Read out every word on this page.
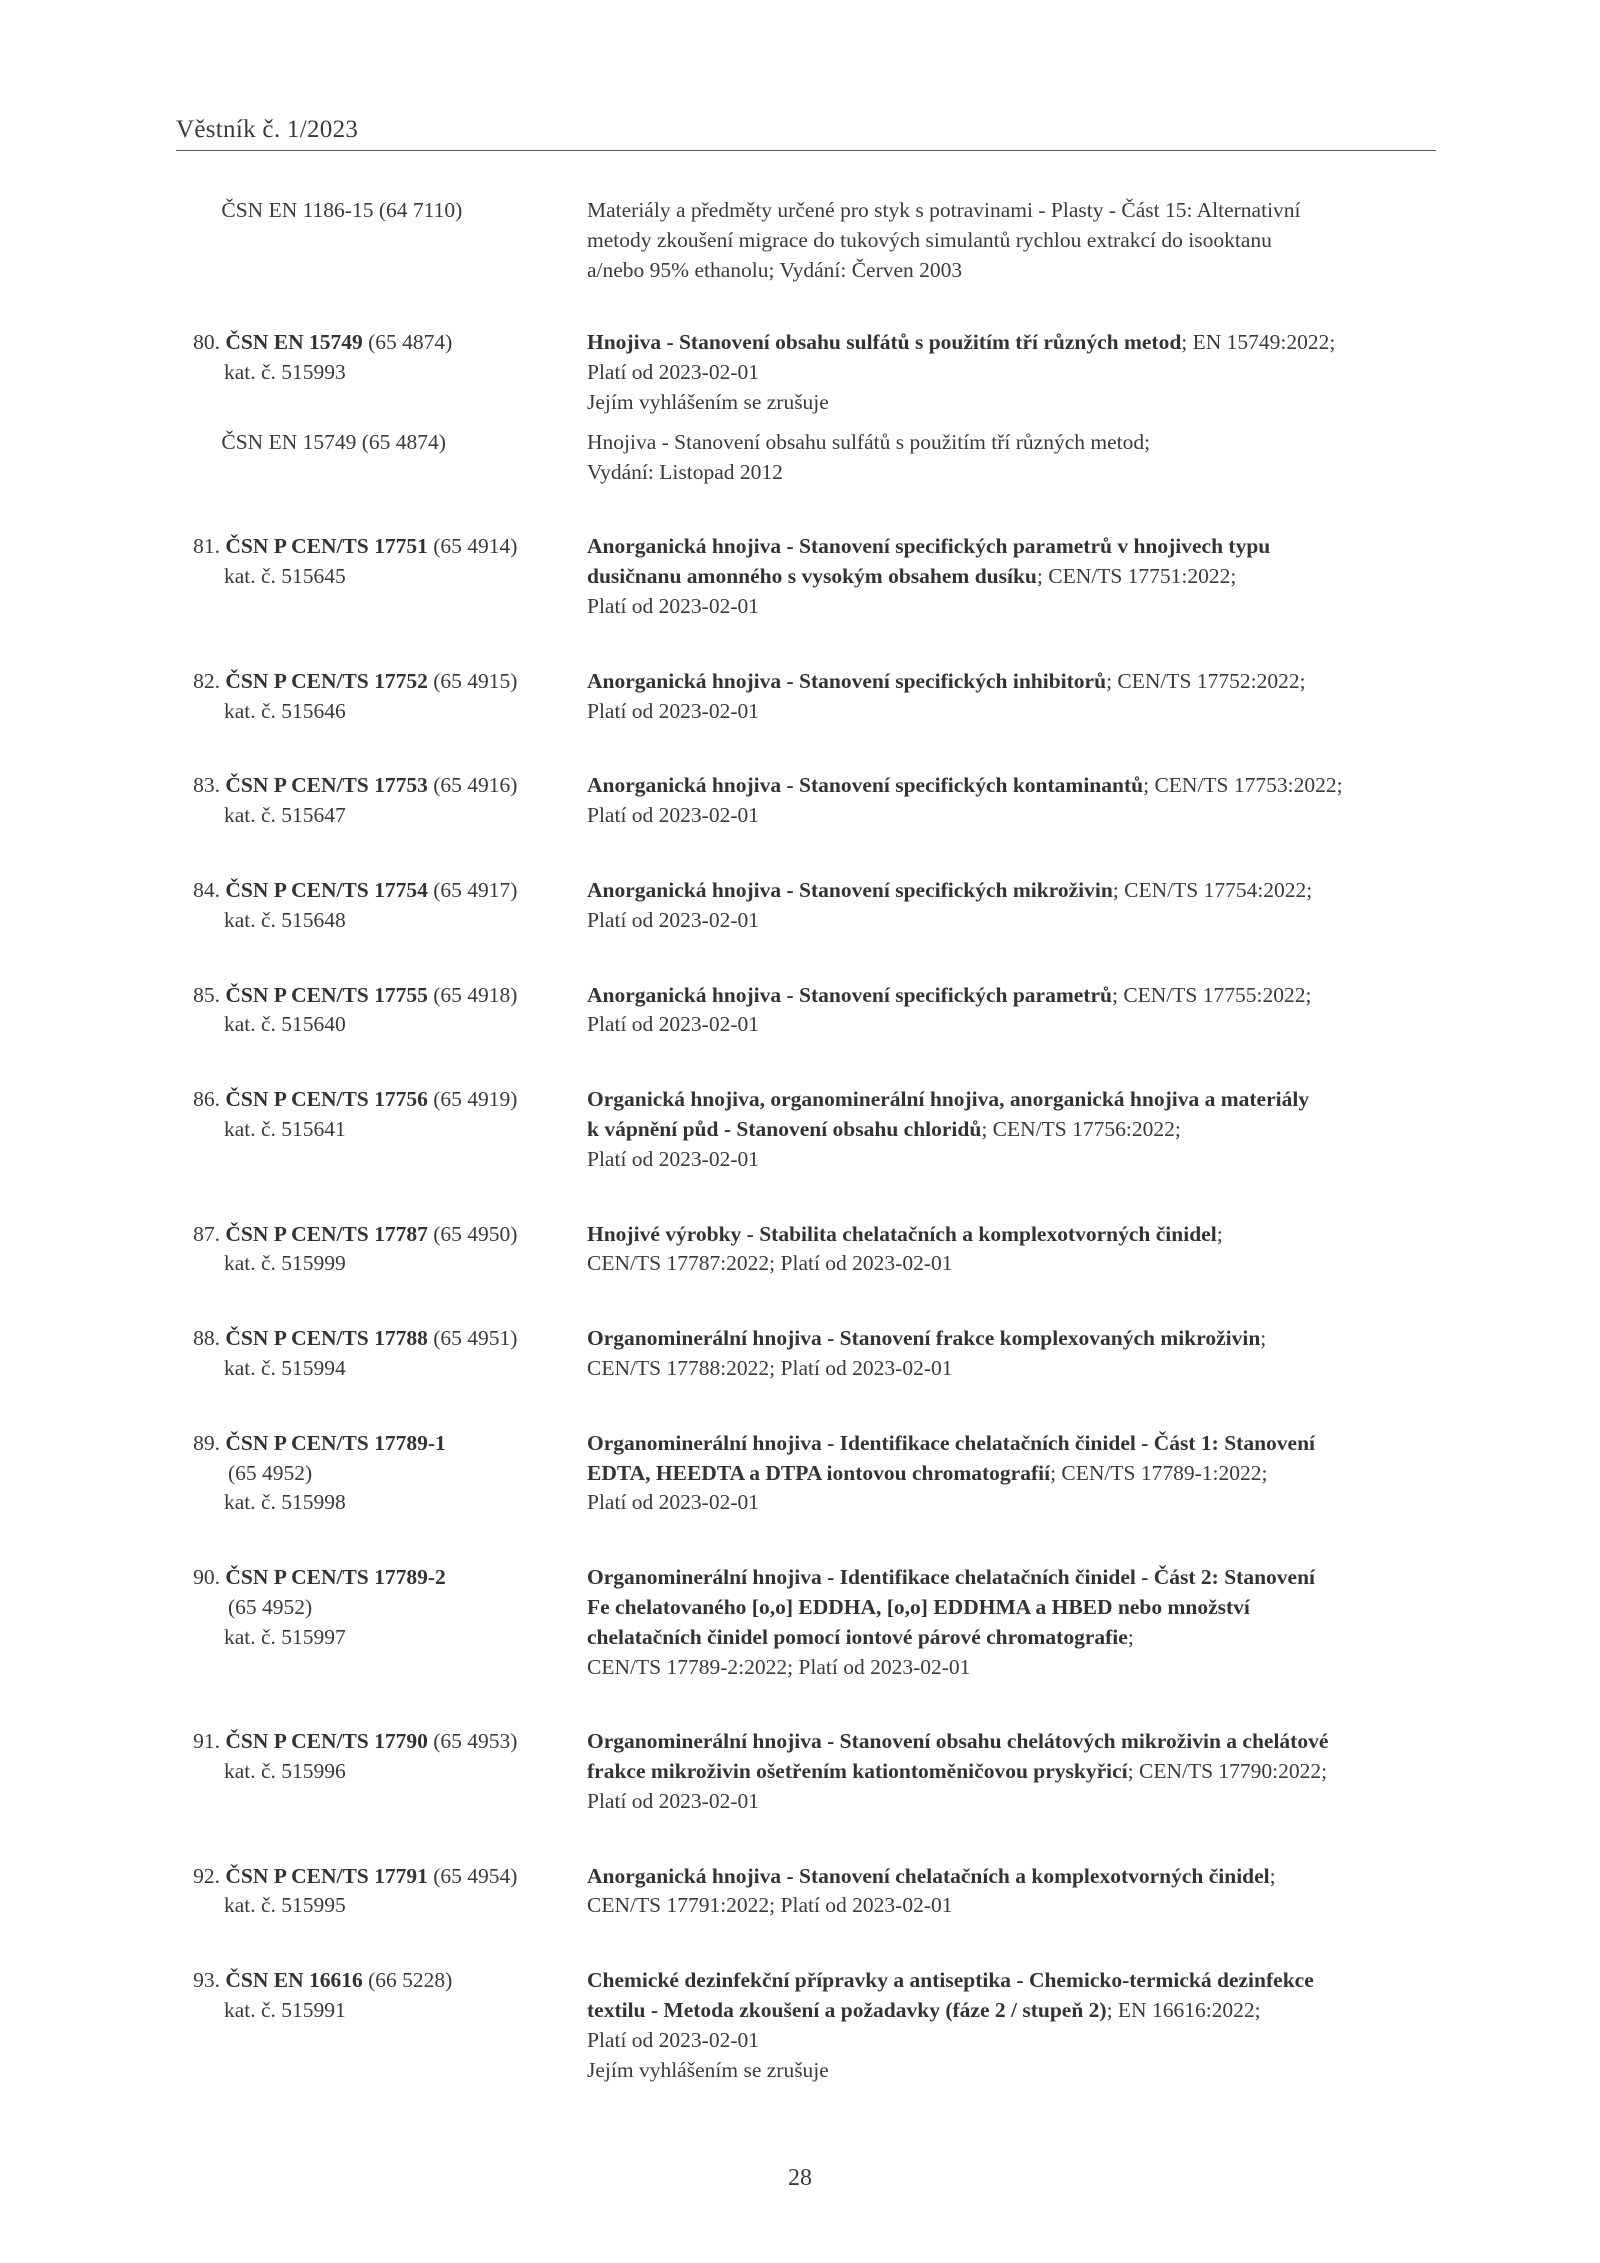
Věstník č. 1/2023
ČSN EN 1186-15 (64 7110)	Materiály a předměty určené pro styk s potravinami - Plasty - Část 15: Alternativní
metody zkoušení migrace do tukových simulantů rychlou extrakcí do isooktanu
a/nebo 95% ethanolu; Vydání: Červen 2003
80. ČSN EN 15749 (65 4874)
kat. č. 515993
Hnojiva - Stanovení obsahu sulfátů s použitím tří různých metod; EN 15749:2022;
Platí od 2023-02-01
Jejím vyhlášením se zrušuje
ČSN EN 15749 (65 4874)	Hnojiva - Stanovení obsahu sulfátů s použitím tří různých metod;
Vydání: Listopad 2012
81. ČSN P CEN/TS 17751 (65 4914)
kat. č. 515645
Anorganická hnojiva - Stanovení specifických parametrů v hnojivech typu
dusičnanu amonného s vysokým obsahem dusíku; CEN/TS 17751:2022;
Platí od 2023-02-01
82. ČSN P CEN/TS 17752 (65 4915)
kat. č. 515646
Anorganická hnojiva - Stanovení specifických inhibitorů; CEN/TS 17752:2022;
Platí od 2023-02-01
83. ČSN P CEN/TS 17753 (65 4916)
kat. č. 515647
Anorganická hnojiva - Stanovení specifických kontaminantů; CEN/TS 17753:2022;
Platí od 2023-02-01
84. ČSN P CEN/TS 17754 (65 4917)
kat. č. 515648
Anorganická hnojiva - Stanovení specifických mikroživin; CEN/TS 17754:2022;
Platí od 2023-02-01
85. ČSN P CEN/TS 17755 (65 4918)
kat. č. 515640
Anorganická hnojiva - Stanovení specifických parametrů; CEN/TS 17755:2022;
Platí od 2023-02-01
86. ČSN P CEN/TS 17756 (65 4919)
kat. č. 515641
Organická hnojiva, organominerální hnojiva, anorganická hnojiva a materiály
k vápnění půd - Stanovení obsahu chloridů; CEN/TS 17756:2022;
Platí od 2023-02-01
87. ČSN P CEN/TS 17787 (65 4950)
kat. č. 515999
Hnojivé výrobky - Stabilita chelatačních a komplexotvorných činidel;
CEN/TS 17787:2022; Platí od 2023-02-01
88. ČSN P CEN/TS 17788 (65 4951)
kat. č. 515994
Organominerální hnojiva - Stanovení frakce komplexovaných mikroživin;
CEN/TS 17788:2022; Platí od 2023-02-01
89. ČSN P CEN/TS 17789-1
(65 4952)
kat. č. 515998
Organominerální hnojiva - Identifikace chelatačních činidel - Část 1: Stanovení
EDTA, HEEDTA a DTPA iontovou chromatografií; CEN/TS 17789-1:2022;
Platí od 2023-02-01
90. ČSN P CEN/TS 17789-2
(65 4952)
kat. č. 515997
Organominerální hnojiva - Identifikace chelatačních činidel - Část 2: Stanovení
Fe chelatovaného [o,o] EDDHA, [o,o] EDDHMA a HBED nebo množství
chelatačních činidel pomocí iontové párové chromatografie;
CEN/TS 17789-2:2022; Platí od 2023-02-01
91. ČSN P CEN/TS 17790 (65 4953)
kat. č. 515996
Organominerální hnojiva - Stanovení obsahu chelátových mikroživin a chelátové
frakce mikroživin ošetřením kationtoměničovou pryskyřicí; CEN/TS 17790:2022;
Platí od 2023-02-01
92. ČSN P CEN/TS 17791 (65 4954)
kat. č. 515995
Anorganická hnojiva - Stanovení chelatačních a komplexotvorných činidel;
CEN/TS 17791:2022; Platí od 2023-02-01
93. ČSN EN 16616 (66 5228)
kat. č. 515991
Chemické dezinfekční přípravky a antiseptika - Chemicko-termická dezinfekce
textilu - Metoda zkoušení a požadavky (fáze 2 / stupeň 2); EN 16616:2022;
Platí od 2023-02-01
Jejím vyhlášením se zrušuje
28
